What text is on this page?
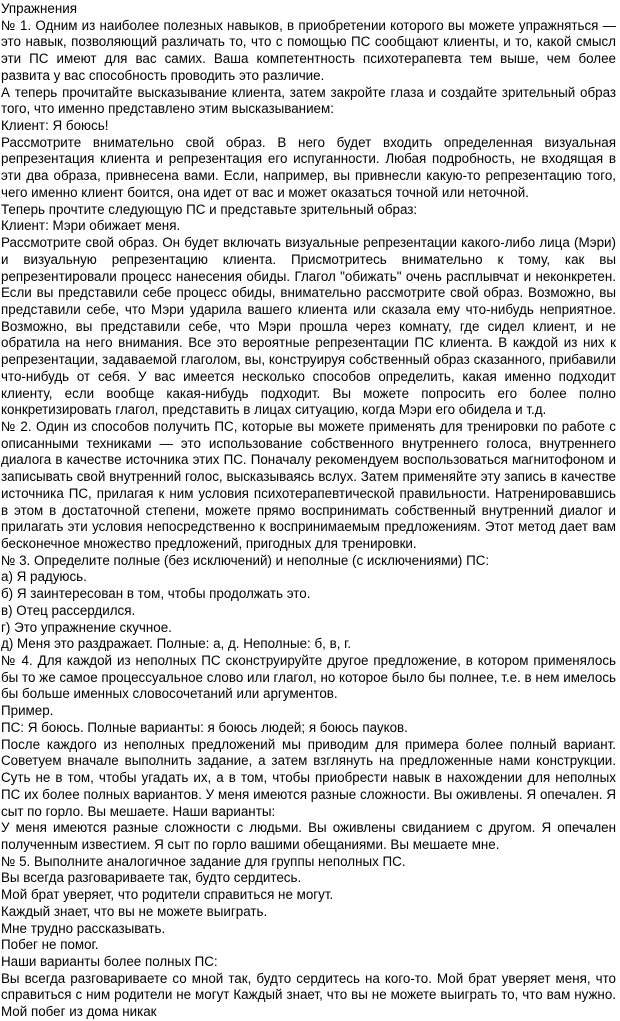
Упражнения

№ 1. Одним из наиболее полезных навыков, в приобретении которого вы можете упражняться — это навык, позволяющий различать то, что с помощью ПС сообщают клиенты, и то, какой смысл эти ПС имеют для вас самих. Ваша компетентность психотерапевта тем выше, чем более развита у вас способность проводить это различие.

А теперь прочитайте высказывание клиента, затем закройте глаза и создайте зрительный образ того, что именно представлено этим высказыванием:

Клиент: Я боюсь!

Рассмотрите внимательно свой образ. В него будет входить определенная визуальная репрезентация клиента и репрезентация его испуганности. Любая подробность, не входящая в эти два образа, привнесена вами. Если, например, вы привнесли какую-то репрезентацию того, чего именно клиент боится, она идет от вас и может оказаться точной или неточной.

Теперь прочтите следующую ПС и представьте зрительный образ:

Клиент: Мэри обижает меня.

Рассмотрите свой образ. Он будет включать визуальные репрезентации какого-либо лица (Мэри) и визуальную репрезентацию клиента. Присмотритесь внимательно к тому, как вы репрезентировали процесс нанесения обиды. Глагол "обижать" очень расплывчат и неконкретен. Если вы представили себе процесс обиды, внимательно рассмотрите свой образ. Возможно, вы представили себе, что Мэри ударила вашего клиента или сказала ему что-нибудь неприятное. Возможно, вы представили себе, что Мэри прошла через комнату, где сидел клиент, и не обратила на него внимания. Все это вероятные репрезентации ПС клиента. В каждой из них к репрезентации, задаваемой глаголом, вы, конструируя собственный образ сказанного, прибавили что-нибудь от себя. У вас имеется несколько способов определить, какая именно подходит клиенту, если вообще какая-нибудь подходит. Вы можете попросить его более полно конкретизировать глагол, представить в лицах ситуацию, когда Мэри его обидела и т.д.

№ 2. Один из способов получить ПС, которые вы можете применять для тренировки по работе с описанными техниками — это использование собственного внутреннего голоса, внутреннего диалога в качестве источника этих ПС. Поначалу рекомендуем воспользоваться магнитофоном и записывать свой внутренний голос, высказываясь вслух. Затем применяйте эту запись в качестве источника ПС, прилагая к ним условия психотерапевтической правильности. Натренировавшись в этом в достаточной степени, можете прямо воспринимать собственный внутренний диалог и прилагать эти условия непосредственно к воспринимаемым предложениям. Этот метод дает вам бесконечное множество предложений, пригодных для тренировки.

№ 3. Определите полные (без исключений) и неполные (с исключениями) ПС:

а) Я радуюсь.

б) Я заинтересован в том, чтобы продолжать это.

в) Отец рассердился.

г) Это упражнение скучное.

д) Меня это раздражает. Полные: а, д. Неполные: б, в, г.

№ 4. Для каждой из неполных ПС сконструируйте другое предложение, в котором применялось бы то же самое процессуальное слово или глагол, но которое было бы полнее, т.е. в нем имелось бы больше именных словосочетаний или аргументов.

Пример.

ПС: Я боюсь. Полные варианты: я боюсь людей; я боюсь пауков.

После каждого из неполных предложений мы приводим для примера более полный вариант. Советуем вначале выполнить задание, а затем взглянуть на предложенные нами конструкции. Суть не в том, чтобы угадать их, а в том, чтобы приобрести навык в нахождении для неполных ПС их более полных вариантов. У меня имеются разные сложности. Вы оживлены. Я опечален. Я сыт по горло. Вы мешаете. Наши варианты:

У меня имеются разные сложности с людьми. Вы оживлены свиданием с другом. Я опечален полученным известием. Я сыт по горло вашими обещаниями. Вы мешаете мне.

№ 5. Выполните аналогичное задание для группы неполных ПС.

Вы всегда разговариваете так, будто сердитесь.

Мой брат уверяет, что родители справиться не могут.

Каждый знает, что вы не можете выиграть.

Мне трудно рассказывать.

Побег не помог.

Наши варианты более полных ПС:

Вы всегда разговариваете со мной так, будто сердитесь на кого-то. Мой брат уверяет меня, что справиться с ним родители не могут Каждый знает, что вы не можете выиграть то, что вам нужно. Мой побег из дома никак
